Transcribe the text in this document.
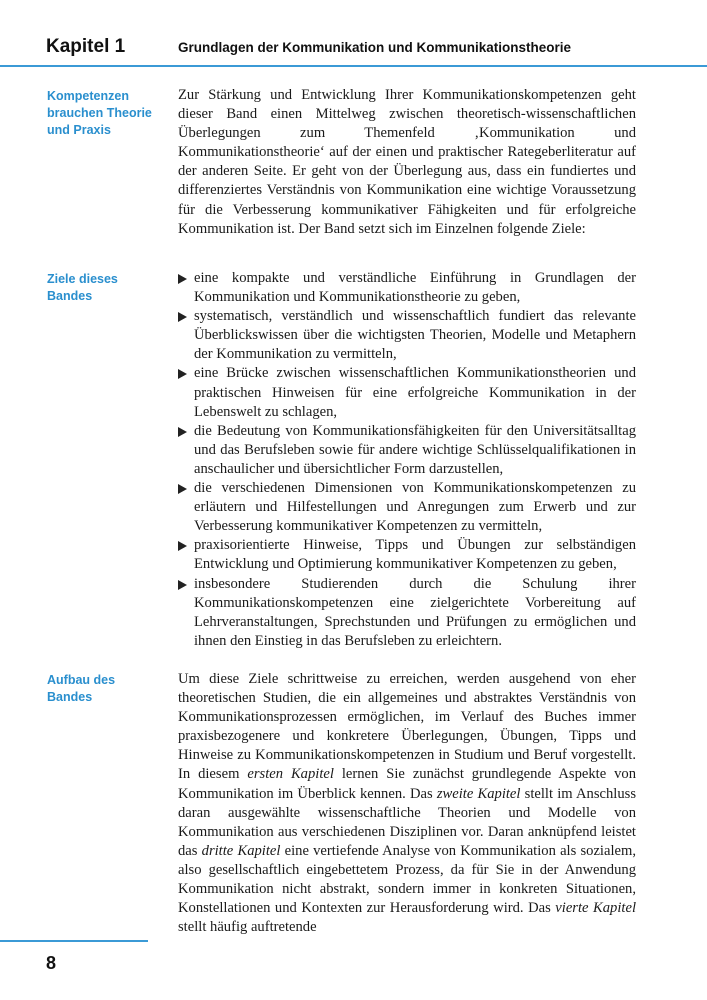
Kapitel 1	Grundlagen der Kommunikation und Kommunikationstheorie
Kompetenzen brauchen Theorie und Praxis
Ziele dieses Bandes
Aufbau des Bandes

Zur Stärkung und Entwicklung Ihrer Kommunikationskompetenzen geht dieser Band einen Mittelweg zwischen theoretisch-wissenschaftlichen Überlegungen zum Themenfeld ‚Kommunikation und Kommunikationstheorie‘ auf der einen und praktischer Rategeberliteratur auf der anderen Seite. Er geht von der Überlegung aus, dass ein fundiertes und differenziertes Verständnis von Kommunikation eine wichtige Voraussetzung für die Verbesserung kommunikativer Fähigkeiten und für erfolgreiche Kommunikation ist. Der Band setzt sich im Einzelnen folgende Ziele:

eine kompakte und verständliche Einführung in Grundlagen der Kommunikation und Kommunikationstheorie zu geben,
systematisch, verständlich und wissenschaftlich fundiert das relevante Überblickswissen über die wichtigsten Theorien, Modelle und Metaphern der Kommunikation zu vermitteln,
eine Brücke zwischen wissenschaftlichen Kommunikationstheorien und praktischen Hinweisen für eine erfolgreiche Kommunikation in der Lebenswelt zu schlagen,
die Bedeutung von Kommunikationsfähigkeiten für den Universitätsalltag und das Berufsleben sowie für andere wichtige Schlüsselqualifikationen in anschaulicher und übersichtlicher Form darzustellen,
die verschiedenen Dimensionen von Kommunikationskompetenzen zu erläutern und Hilfestellungen und Anregungen zum Erwerb und zur Verbesserung kommunikativer Kompetenzen zu vermitteln,
praxisorientierte Hinweise, Tipps und Übungen zur selbständigen Entwicklung und Optimierung kommunikativer Kompetenzen zu geben,
insbesondere Studierenden durch die Schulung ihrer Kommunikationskompetenzen eine zielgerichtete Vorbereitung auf Lehrveranstaltungen, Sprechstunden und Prüfungen zu ermöglichen und ihnen den Einstieg in das Berufsleben zu erleichtern.

Um diese Ziele schrittweise zu erreichen, werden ausgehend von eher theoretischen Studien, die ein allgemeines und abstraktes Verständnis von Kommunikationsprozessen ermöglichen, im Verlauf des Buches immer praxisbezogenere und konkretere Überlegungen, Übungen, Tipps und Hinweise zu Kommunikationskompetenzen in Studium und Beruf vorgestellt. In diesem ersten Kapitel lernen Sie zunächst grundlegende Aspekte von Kommunikation im Überblick kennen. Das zweite Kapitel stellt im Anschluss daran ausgewählte wissenschaftliche Theorien und Modelle von Kommunikation aus verschiedenen Disziplinen vor. Daran anknüpfend leistet das dritte Kapitel eine vertiefende Analyse von Kommunikation als sozialem, also gesellschaftlich eingebettetem Prozess, da für Sie in der Anwendung Kommunikation nicht abstrakt, sondern immer in konkreten Situationen, Konstellationen und Kontexten zur Herausforderung wird. Das vierte Kapitel stellt häufig auftretende

8
